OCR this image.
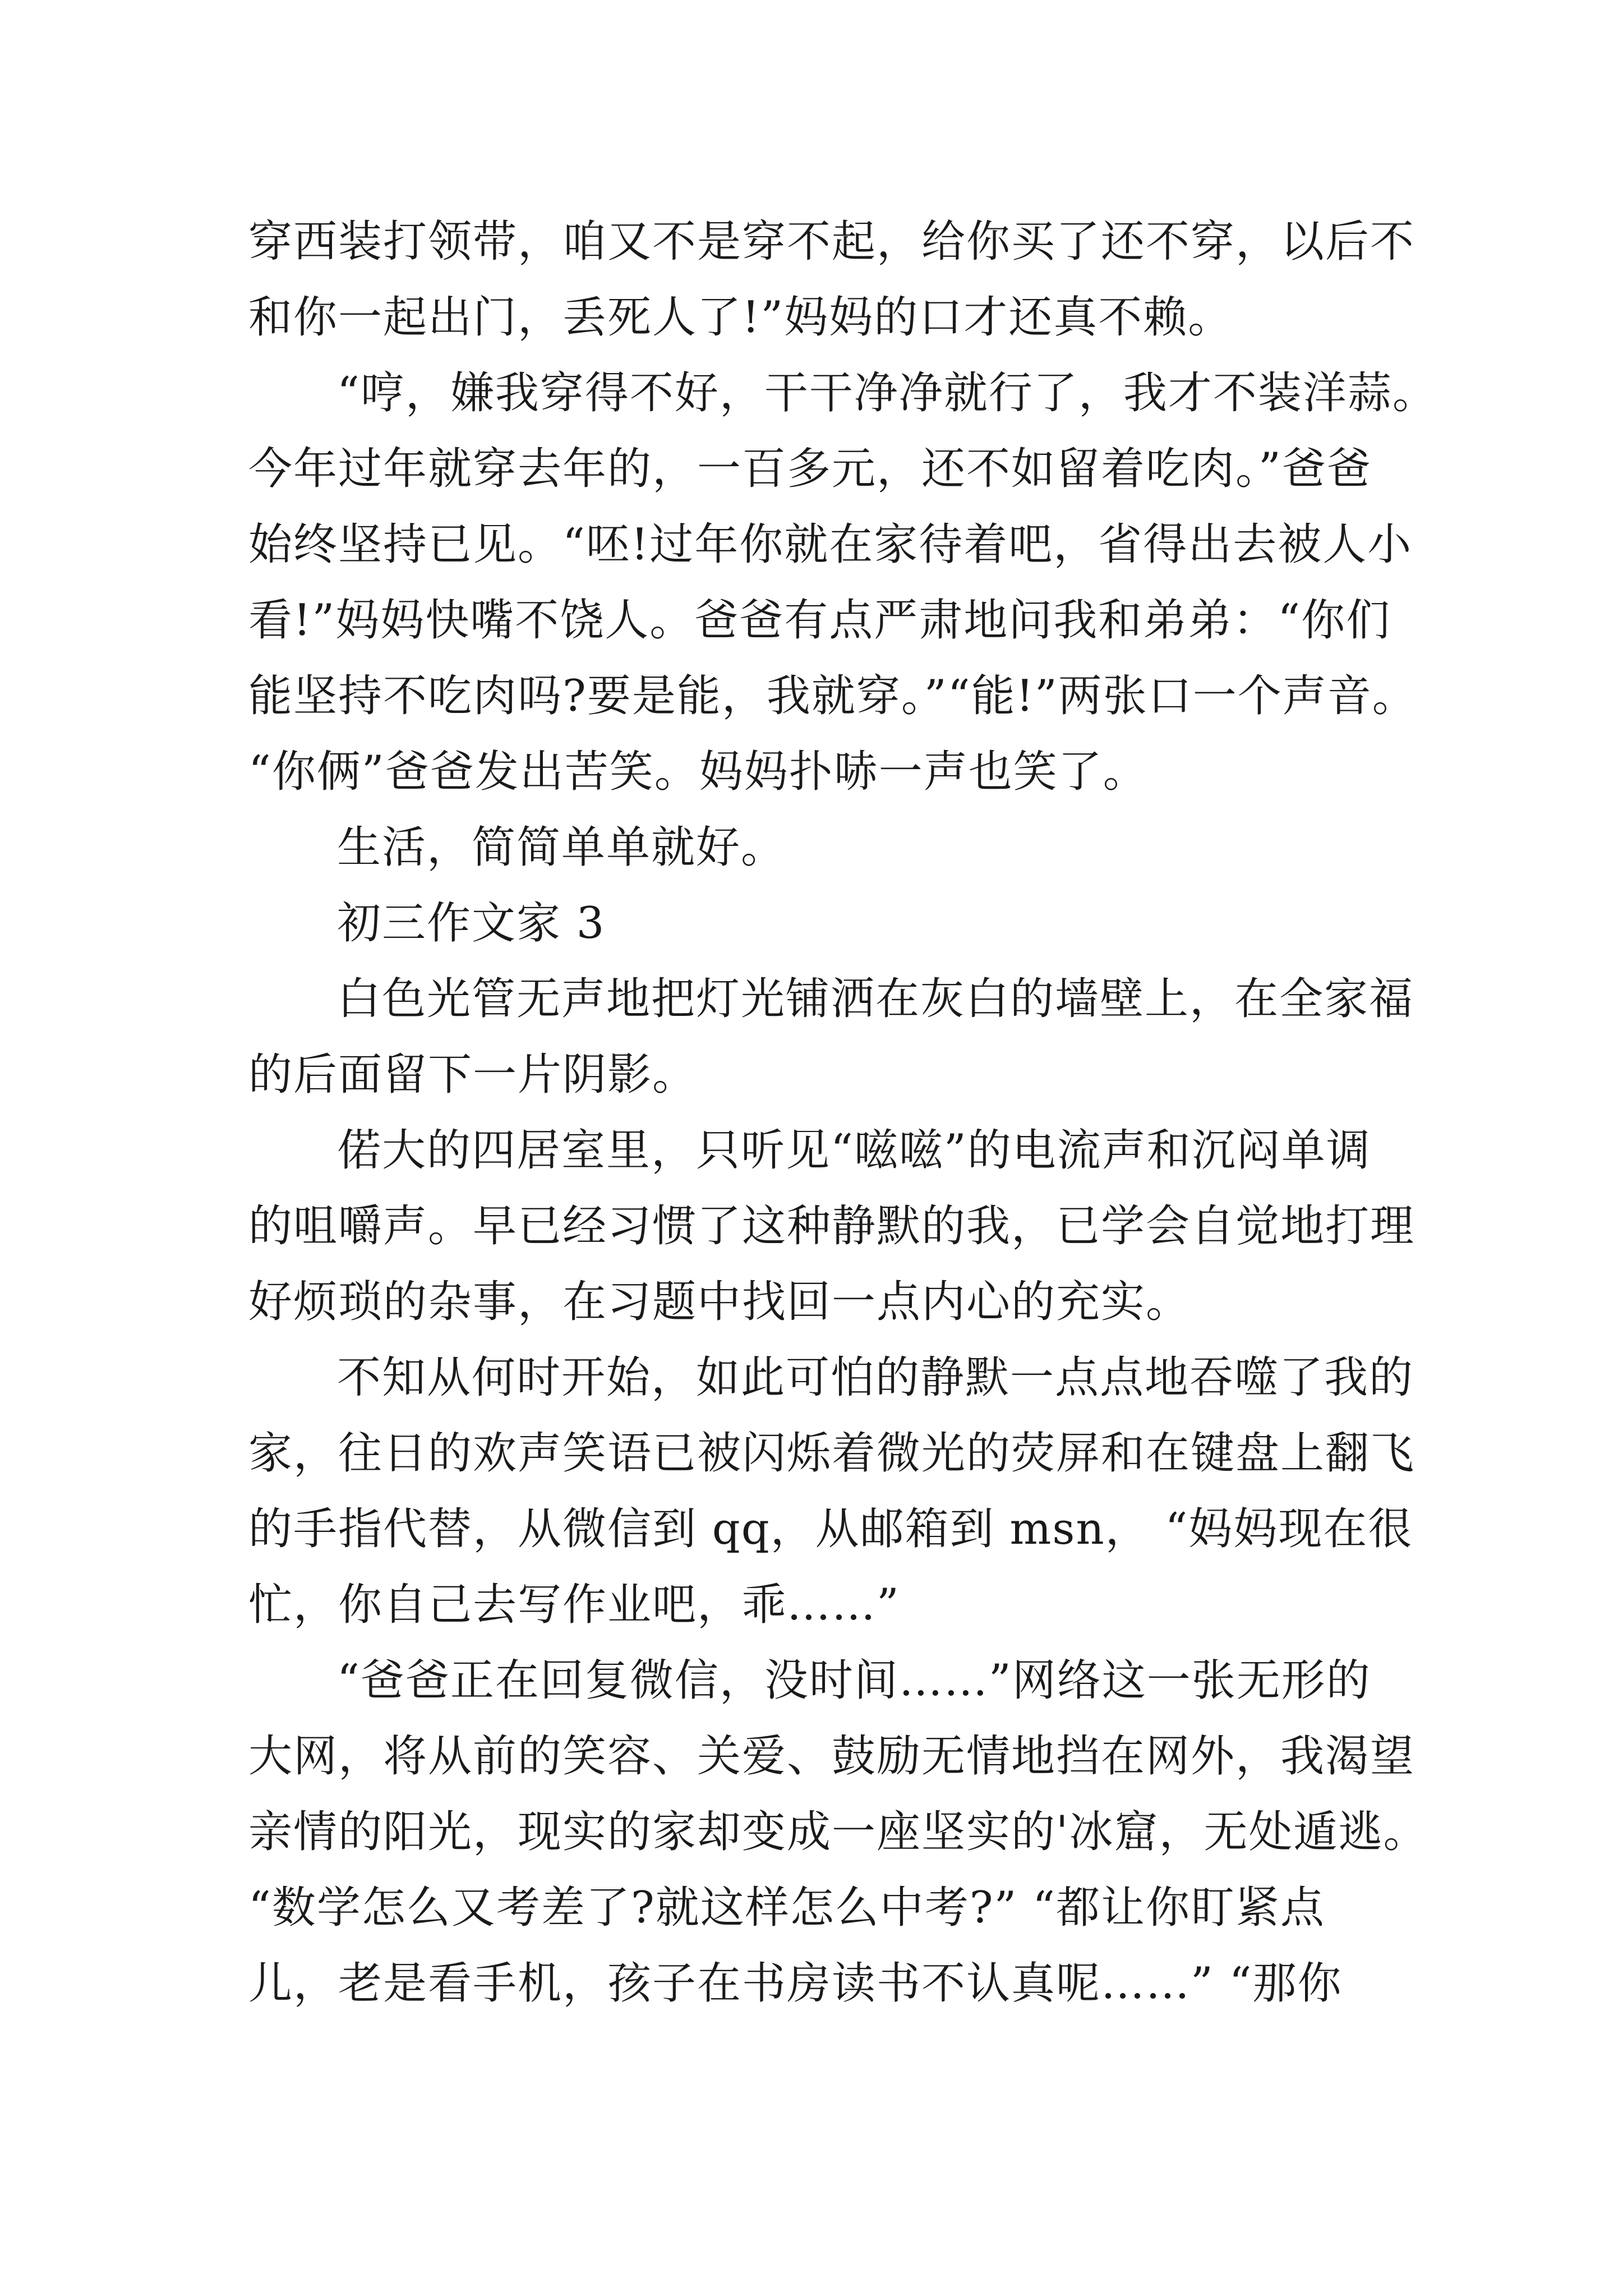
穿西装打领带，咱又不是穿不起，给你买了还不穿，以后不
和你一起出门，丢死人了!”妈妈的口才还真不赖。
“哼，嫌我穿得不好，干干净净就行了，我才不装洋蒜。
今年过年就穿去年的，一百多元，还不如留着吃肉。”爸爸
始终坚持已见。“呸!过年你就在家待着吧，省得出去被人小
看!”妈妈快嘴不饶人。爸爸有点严肃地问我和弟弟：“你们
能坚持不吃肉吗?要是能，我就穿。”“能!”两张口一个声音。
“你俩”爸爸发出苦笑。妈妈扑哧一声也笑了。
生活，简简单单就好。
初三作文家 3
白色光管无声地把灯光铺洒在灰白的墙壁上，在全家福
的后面留下一片阴影。
偌大的四居室里，只听见“嗞嗞”的电流声和沉闷单调
的咀嚼声。早已经习惯了这种静默的我，已学会自觉地打理
好烦琐的杂事，在习题中找回一点内心的充实。
不知从何时开始，如此可怕的静默一点点地吞噬了我的
家，往日的欢声笑语已被闪烁着微光的荧屏和在键盘上翻飞
的手指代替，从微信到 qq，从邮箱到 msn， “妈妈现在很
忙，你自己去写作业吧，乖……”
“爸爸正在回复微信，没时间……”网络这一张无形的
大网，将从前的笑容、关爱、鼓励无情地挡在网外，我渴望
亲情的阳光，现实的家却变成一座坚实的'冰窟，无处遁逃。
“数学怎么又考差了?就这样怎么中考?” “都让你盯紧点
儿，老是看手机，孩子在书房读书不认真呢……” “那你
